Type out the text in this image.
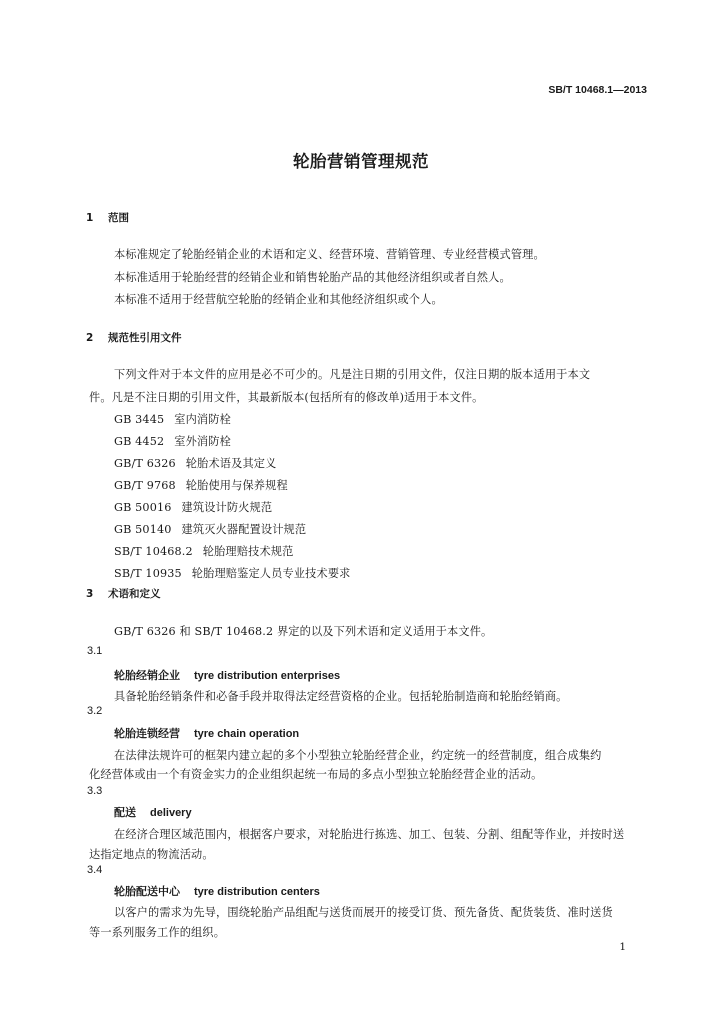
SB/T 10468.1—2013
轮胎营销管理规范
1 范围
本标准规定了轮胎经销企业的术语和定义、经营环境、营销管理、专业经营模式管理。
本标准适用于轮胎经营的经销企业和销售轮胎产品的其他经济组织或者自然人。
本标准不适用于经营航空轮胎的经销企业和其他经济组织或个人。
2 规范性引用文件
下列文件对于本文件的应用是必不可少的。凡是注日期的引用文件，仅注日期的版本适用于本文
件。凡是不注日期的引用文件，其最新版本(包括所有的修改单)适用于本文件。
GB 3445 室内消防栓
GB 4452 室外消防栓
GB/T 6326 轮胎术语及其定义
GB/T 9768 轮胎使用与保养规程
GB 50016 建筑设计防火规范
GB 50140 建筑灭火器配置设计规范
SB/T 10468.2 轮胎理赔技术规范
SB/T 10935 轮胎理赔鉴定人员专业技术要求
3 术语和定义
GB/T 6326 和 SB/T 10468.2 界定的以及下列术语和定义适用于本文件。
3.1
轮胎经销企业 tyre distribution enterprises
具备轮胎经销条件和必备手段并取得法定经营资格的企业。包括轮胎制造商和轮胎经销商。
3.2
轮胎连锁经营 tyre chain operation
在法律法规许可的框架内建立起的多个小型独立轮胎经营企业，约定统一的经营制度，组合成集约
化经营体或由一个有资金实力的企业组织起统一布局的多点小型独立轮胎经营企业的活动。
3.3
配送 delivery
在经济合理区域范围内，根据客户要求，对轮胎进行拣选、加工、包装、分割、组配等作业，并按时送
达指定地点的物流活动。
3.4
轮胎配送中心 tyre distribution centers
以客户的需求为先导，围绕轮胎产品组配与送货而展开的接受订货、预先备货、配货装货、准时送货
等一系列服务工作的组织。
1
